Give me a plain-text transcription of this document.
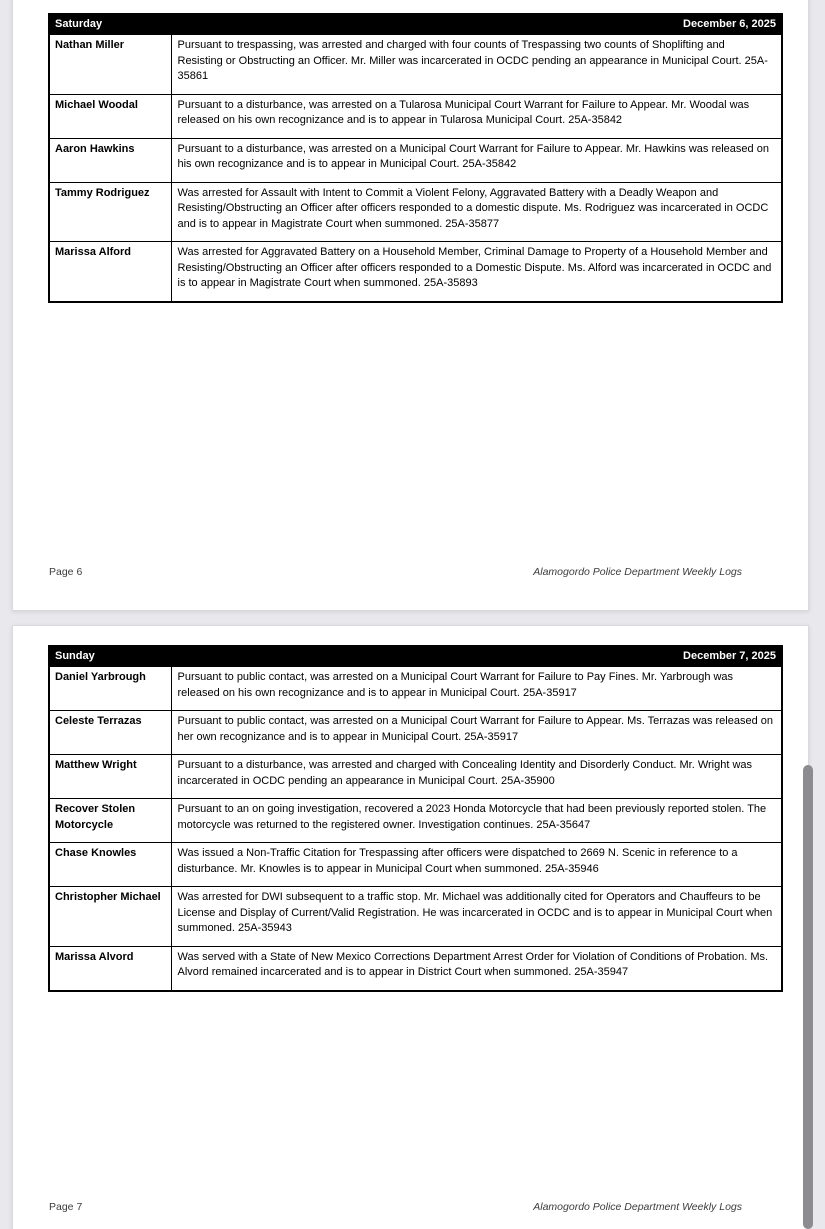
Saturday	December 6, 2025
Nathan Miller	Pursuant to trespassing, was arrested and charged with four counts of Trespassing two counts of Shoplifting and Resisting or Obstructing an Officer. Mr. Miller was incarcerated in OCDC pending an appearance in Municipal Court. 25A-35861
Michael Woodal	Pursuant to a disturbance, was arrested on a Tularosa Municipal Court Warrant for Failure to Appear. Mr. Woodal was released on his own recognizance and is to appear in Tularosa Municipal Court. 25A-35842
Aaron Hawkins	Pursuant to a disturbance, was arrested on a Municipal Court Warrant for Failure to Appear. Mr. Hawkins was released on his own recognizance and is to appear in Municipal Court. 25A-35842
Tammy Rodriguez	Was arrested for Assault with Intent to Commit a Violent Felony, Aggravated Battery with a Deadly Weapon and Resisting/Obstructing an Officer after officers responded to a domestic dispute. Ms. Rodriguez was incarcerated in OCDC and is to appear in Magistrate Court when summoned. 25A-35877
Marissa Alford	Was arrested for Aggravated Battery on a Household Member, Criminal Damage to Property of a Household Member and Resisting/Obstructing an Officer after officers responded to a Domestic Dispute. Ms. Alford was incarcerated in OCDC and is to appear in Magistrate Court when summoned. 25A-35893
Page 6	Alamogordo Police Department Weekly Logs
Sunday	December 7, 2025
Daniel Yarbrough	Pursuant to public contact, was arrested on a Municipal Court Warrant for Failure to Pay Fines. Mr. Yarbrough was released on his own recognizance and is to appear in Municipal Court. 25A-35917
Celeste Terrazas	Pursuant to public contact, was arrested on a Municipal Court Warrant for Failure to Appear. Ms. Terrazas was released on her own recognizance and is to appear in Municipal Court. 25A-35917
Matthew Wright	Pursuant to a disturbance, was arrested and charged with Concealing Identity and Disorderly Conduct. Mr. Wright was incarcerated in OCDC pending an appearance in Municipal Court. 25A-35900
Recover Stolen Motorcycle	Pursuant to an on going investigation, recovered a 2023 Honda Motorcycle that had been previously reported stolen. The motorcycle was returned to the registered owner. Investigation continues. 25A-35647
Chase Knowles	Was issued a Non-Traffic Citation for Trespassing after officers were dispatched to 2669 N. Scenic in reference to a disturbance. Mr. Knowles is to appear in Municipal Court when summoned. 25A-35946
Christopher Michael	Was arrested for DWI subsequent to a traffic stop. Mr. Michael was additionally cited for Operators and Chauffeurs to be License and Display of Current/Valid Registration. He was incarcerated in OCDC and is to appear in Municipal Court when summoned. 25A-35943
Marissa Alvord	Was served with a State of New Mexico Corrections Department Arrest Order for Violation of Conditions of Probation. Ms. Alvord remained incarcerated and is to appear in District Court when summoned. 25A-35947
Page 7	Alamogordo Police Department Weekly Logs
